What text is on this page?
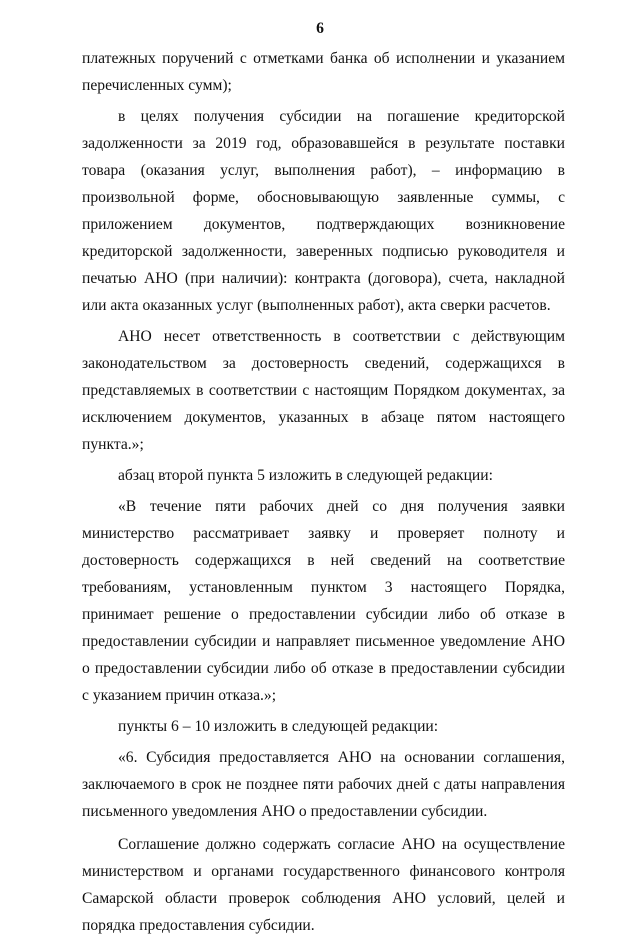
6

платежных поручений с отметками банка об исполнении и указанием перечисленных сумм);

в целях получения субсидии на погашение кредиторской задолженности за 2019 год, образовавшейся в результате поставки товара (оказания услуг, выполнения работ), – информацию в произвольной форме, обосновывающую заявленные суммы, с приложением документов, подтверждающих возникновение кредиторской задолженности, заверенных подписью руководителя и печатью АНО (при наличии): контракта (договора), счета, накладной или акта оказанных услуг (выполненных работ), акта сверки расчетов.

АНО несет ответственность в соответствии с действующим законодательством за достоверность сведений, содержащихся в представляемых в соответствии с настоящим Порядком документах, за исключением документов, указанных в абзаце пятом настоящего пункта.»;

абзац второй пункта 5 изложить в следующей редакции:

«В течение пяти рабочих дней со дня получения заявки министерство рассматривает заявку и проверяет полноту и достоверность содержащихся в ней сведений на соответствие требованиям, установленным пунктом 3 настоящего Порядка, принимает решение о предоставлении субсидии либо об отказе в предоставлении субсидии и направляет письменное уведомление АНО о предоставлении субсидии либо об отказе в предоставлении субсидии с указанием причин отказа.»;

пункты 6 – 10 изложить в следующей редакции:

«6. Субсидия предоставляется АНО на основании соглашения, заключаемого в срок не позднее пяти рабочих дней с даты направления письменного уведомления АНО о предоставлении субсидии.

Соглашение должно содержать согласие АНО на осуществление министерством и органами государственного финансового контроля Самарской области проверок соблюдения АНО условий, целей и порядка предоставления субсидии.
